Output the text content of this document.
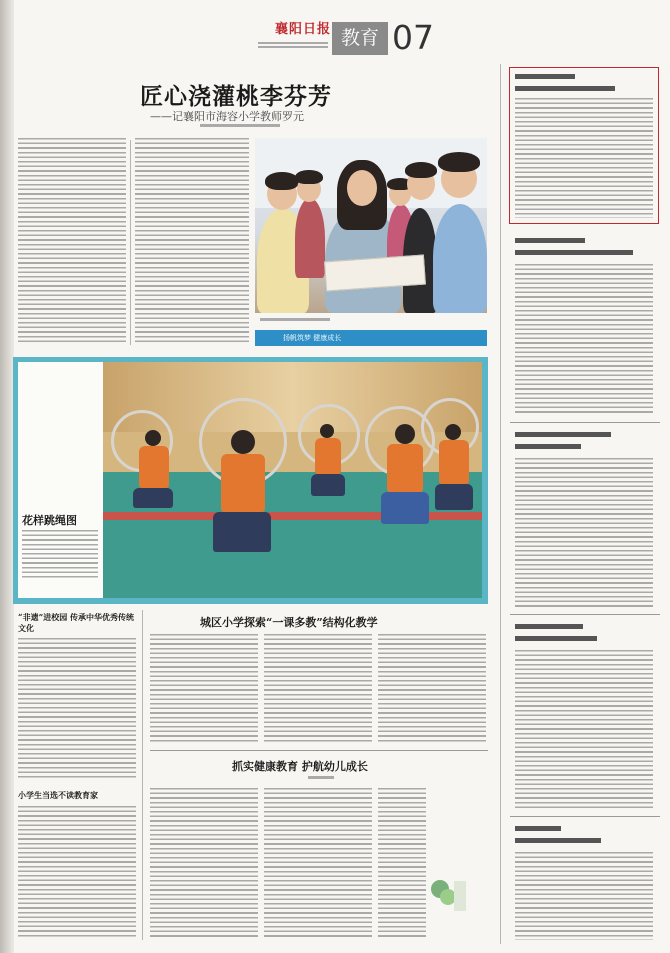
襄阳日报 教育 07
匠心浇灌桃李芬芳
——记襄阳市海容小学教师罗元
扬帆筑梦 健康成长
花样跳绳图
“非遗”进校园 传承中华优秀传统文化	城区小学探索“一课多教”结构化教学
小学生当选不读教育家
抓实健康教育 护航幼儿成长
